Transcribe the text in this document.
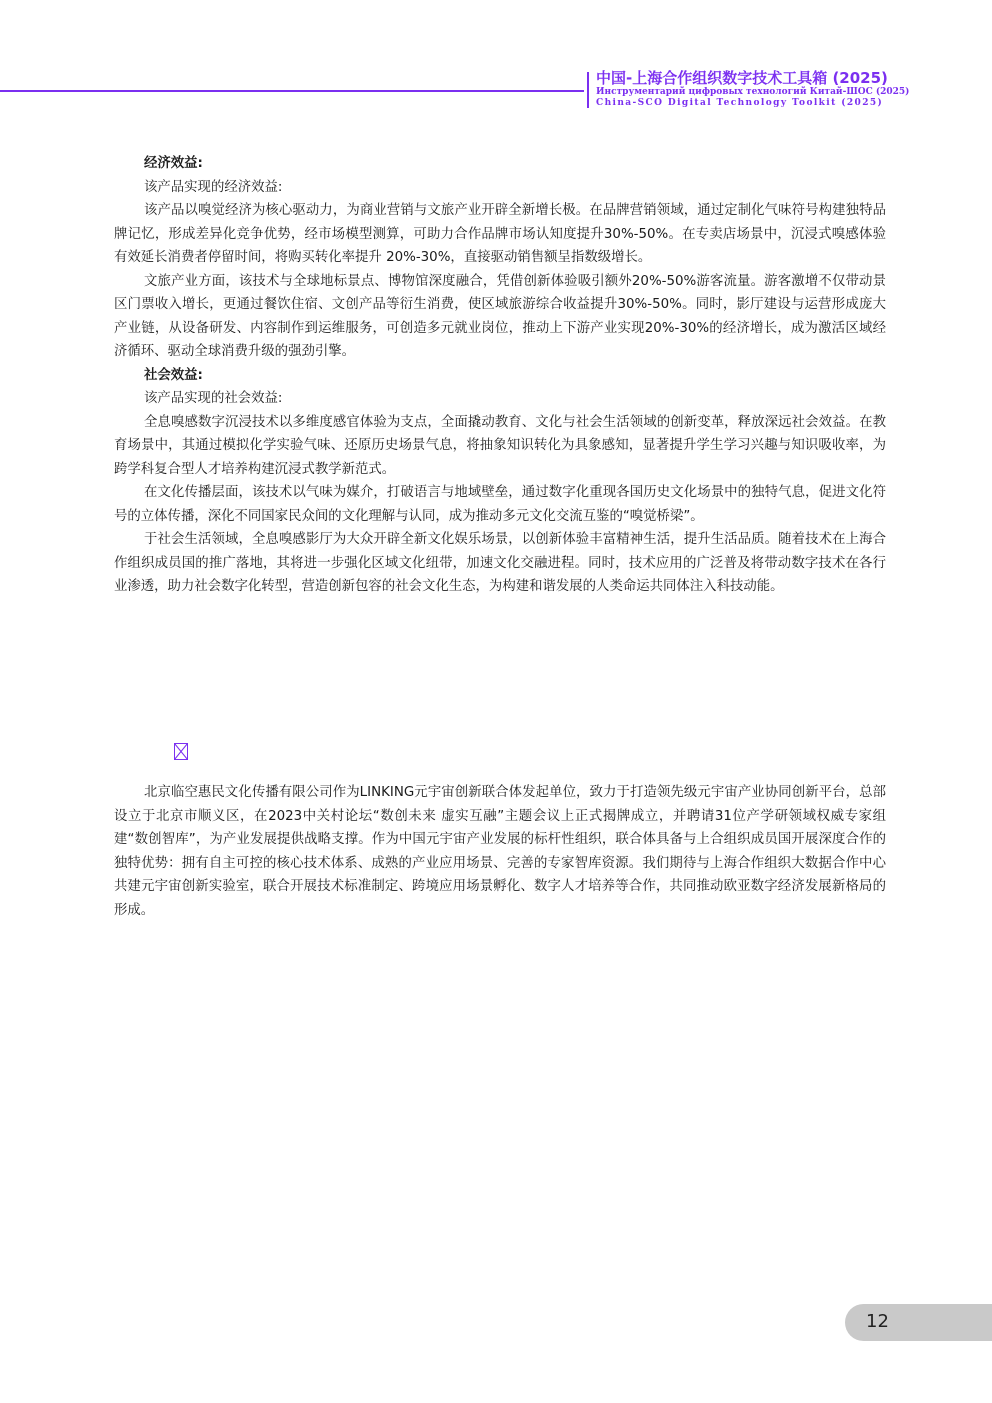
中国-上海合作组织数字技术工具箱 (2025)
Инструментарий цифровых технологий Китай-ШОС (2025)
China-SCO Digital Technology Toolkit (2025)
经济效益:
该产品实现的经济效益:
该产品以嗅觉经济为核心驱动力，为商业营销与文旅产业开辟全新增长极。在品牌营销领域，通过定制化气味符号构建独特品牌记忆，形成差异化竞争优势，经市场模型测算，可助力合作品牌市场认知度提升30%-50%。在专卖店场景中，沉浸式嗅感体验有效延长消费者停留时间，将购买转化率提升 20%-30%，直接驱动销售额呈指数级增长。
文旅产业方面，该技术与全球地标景点、博物馆深度融合，凭借创新体验吸引额外20%-50%游客流量。游客激增不仅带动景区门票收入增长，更通过餐饮住宿、文创产品等衍生消费，使区域旅游综合收益提升30%-50%。同时，影厅建设与运营形成庞大产业链，从设备研发、内容制作到运维服务，可创造多元就业岗位，推动上下游产业实现20%-30%的经济增长，成为激活区域经济循环、驱动全球消费升级的强劲引擎。
社会效益:
该产品实现的社会效益:
全息嗅感数字沉浸技术以多维度感官体验为支点，全面撬动教育、文化与社会生活领域的创新变革，释放深远社会效益。在教育场景中，其通过模拟化学实验气味、还原历史场景气息，将抽象知识转化为具象感知，显著提升学生学习兴趣与知识吸收率，为跨学科复合型人才培养构建沉浸式教学新范式。
在文化传播层面，该技术以气味为媒介，打破语言与地域壁垒，通过数字化重现各国历史文化场景中的独特气息，促进文化符号的立体传播，深化不同国家民众间的文化理解与认同，成为推动多元文化交流互鉴的“嗅觉桥梁”。
于社会生活领域，全息嗅感影厅为大众开辟全新文化娱乐场景，以创新体验丰富精神生活，提升生活品质。随着技术在上海合作组织成员国的推广落地，其将进一步强化区域文化纽带，加速文化交融进程。同时，技术应用的广泛普及将带动数字技术在各行业渗透，助力社会数字化转型，营造创新包容的社会文化生态，为构建和谐发展的人类命运共同体注入科技动能。
北京临空惠民文化传播有限公司作为LINKING元宇宙创新联合体发起单位，致力于打造领先级元宇宙产业协同创新平台，总部设立于北京市顺义区，在2023中关村论坛“数创未来 虚实互融”主题会议上正式揭牌成立，并聘请31位产学研领域权威专家组建“数创智库”，为产业发展提供战略支撑。作为中国元宇宙产业发展的标杆性组织，联合体具备与上合组织成员国开展深度合作的独特优势：拥有自主可控的核心技术体系、成熟的产业应用场景、完善的专家智库资源。我们期待与上海合作组织大数据合作中心共建元宇宙创新实验室，联合开展技术标准制定、跨境应用场景孵化、数字人才培养等合作，共同推动欧亚数字经济发展新格局的形成。
12
